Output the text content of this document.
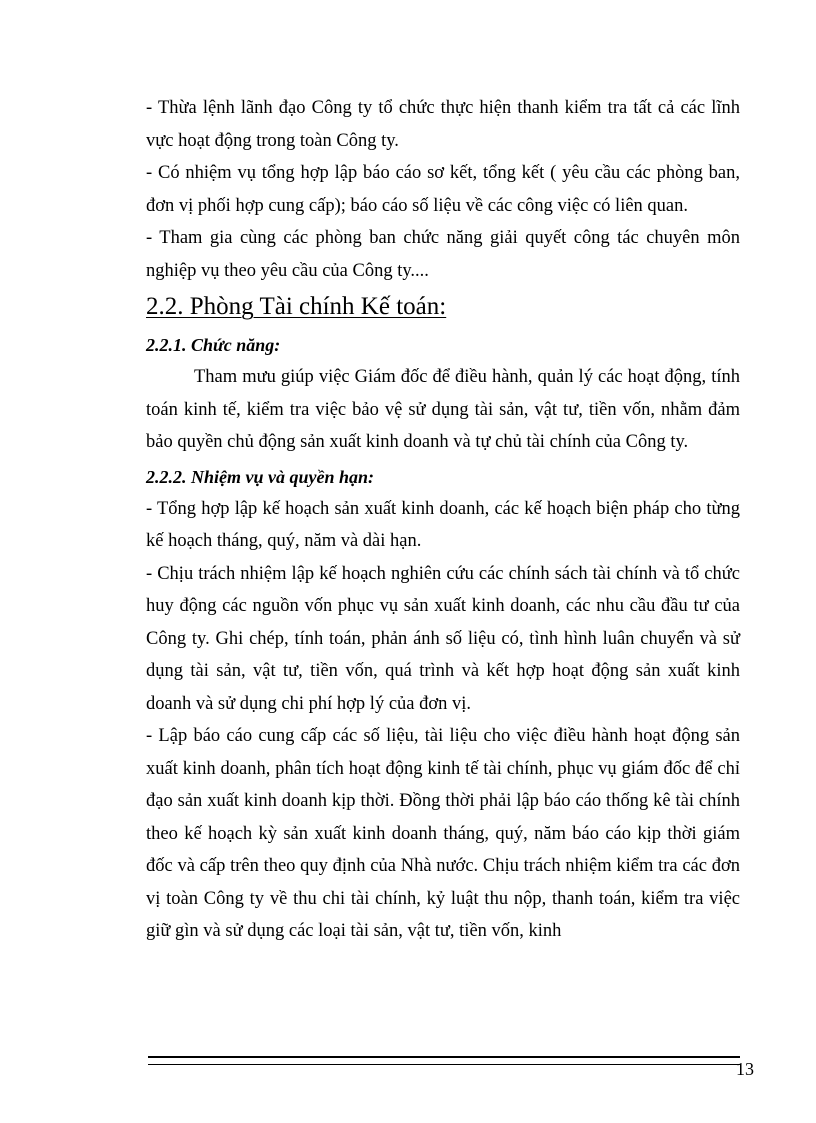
- Thừa lệnh lãnh đạo Công ty tổ chức thực hiện thanh kiểm tra tất cả các lĩnh vực hoạt động trong toàn Công ty.

- Có nhiệm vụ tổng hợp lập báo cáo sơ kết, tổng kết ( yêu cầu các phòng ban, đơn vị phối hợp cung cấp); báo cáo số liệu về các công việc có liên quan.

- Tham gia cùng các phòng ban chức năng giải quyết công tác chuyên môn nghiệp vụ theo yêu cầu của Công ty....

2.2. Phòng Tài chính Kế toán:
2.2.1. Chức năng:

Tham mưu giúp việc Giám đốc để điều hành, quản lý các hoạt động, tính toán kinh tế, kiểm tra việc bảo vệ sử dụng tài sản, vật tư, tiền vốn, nhằm đảm bảo quyền chủ động sản xuất kinh doanh và tự chủ tài chính của Công ty.

2.2.2. Nhiệm vụ và quyền hạn:

- Tổng hợp lập kế hoạch sản xuất kinh doanh, các kế hoạch biện pháp cho từng kế hoạch tháng, quý, năm và dài hạn.

- Chịu trách nhiệm lập kế hoạch nghiên cứu các chính sách tài chính và tổ chức huy động các nguồn vốn phục vụ sản xuất kinh doanh, các nhu cầu đầu tư của Công ty. Ghi chép, tính toán, phản ánh số liệu có, tình hình luân chuyển và sử dụng tài sản, vật tư, tiền vốn, quá trình và kết hợp hoạt động sản xuất kinh doanh và sử dụng chi phí hợp lý của đơn vị.

- Lập báo cáo cung cấp các số liệu, tài liệu cho việc điều hành hoạt động sản xuất kinh doanh, phân tích hoạt động kinh tế tài chính, phục vụ giám đốc để chỉ đạo sản xuất kinh doanh kịp thời. Đồng thời phải lập báo cáo thống kê tài chính theo kế hoạch kỳ sản xuất kinh doanh tháng, quý, năm báo cáo kịp thời giám đốc và cấp trên theo quy định của Nhà nước. Chịu trách nhiệm kiểm tra các đơn vị toàn Công ty về thu chi tài chính, kỷ luật thu nộp, thanh toán, kiểm tra việc giữ gìn và sử dụng các loại tài sản, vật tư, tiền vốn, kinh

13
